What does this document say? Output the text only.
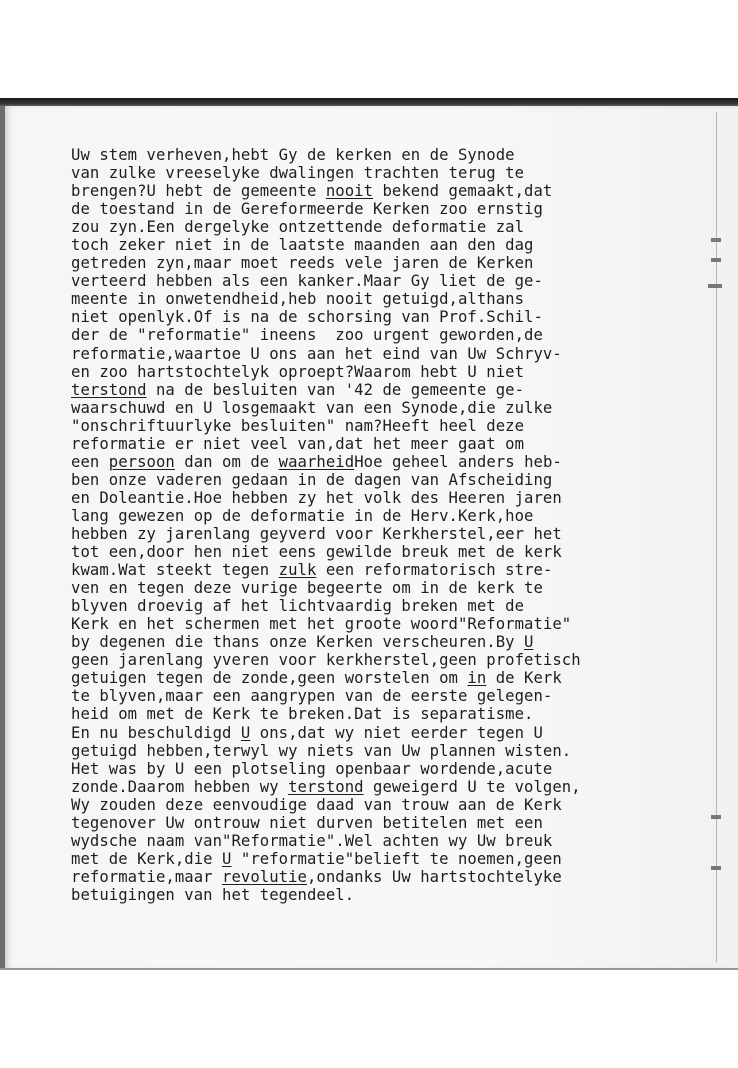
Uw stem verheven,hebt Gy de kerken en de Synode
van zulke vreeselyke dwalingen trachten terug te
brengen?U hebt de gemeente nooit bekend gemaakt,dat
de toestand in de Gereformeerde Kerken zoo ernstig
zou zyn.Een dergelyke ontzettende deformatie zal
toch zeker niet in de laatste maanden aan den dag
getreden zyn,maar moet reeds vele jaren de Kerken
verteerd hebben als een kanker.Maar Gy liet de ge-
meente in onwetendheid,heb nooit getuigd,althans
niet openlyk.Of is na de schorsing van Prof.Schil-
der de "reformatie" ineens  zoo urgent geworden,de
reformatie,waartoe U ons aan het eind van Uw Schryv-
en zoo hartstochtelyk oproept?Waarom hebt U niet
terstond na de besluiten van '42 de gemeente ge-
waarschuwd en U losgemaakt van een Synode,die zulke
"onschriftuurlyke besluiten" nam?Heeft heel deze
reformatie er niet veel van,dat het meer gaat om
een persoon dan om de waarheidHoe geheel anders heb-
ben onze vaderen gedaan in de dagen van Afscheiding
en Doleantie.Hoe hebben zy het volk des Heeren jaren
lang gewezen op de deformatie in de Herv.Kerk,hoe
hebben zy jarenlang geyverd voor Kerkherstel,eer het
tot een,door hen niet eens gewilde breuk met de kerk
kwam.Wat steekt tegen zulk een reformatorisch stre-
ven en tegen deze vurige begeerte om in de kerk te
blyven droevig af het lichtvaardig breken met de
Kerk en het schermen met het groote woord"Reformatie"
by degenen die thans onze Kerken verscheuren.By U
geen jarenlang yveren voor kerkherstel,geen profetisch
getuigen tegen de zonde,geen worstelen om in de Kerk
te blyven,maar een aangrypen van de eerste gelegen-
heid om met de Kerk te breken.Dat is separatisme.
En nu beschuldigd U ons,dat wy niet eerder tegen U
getuigd hebben,terwyl wy niets van Uw plannen wisten.
Het was by U een plotseling openbaar wordende,acute
zonde.Daarom hebben wy terstond geweigerd U te volgen,
Wy zouden deze eenvoudige daad van trouw aan de Kerk
tegenover Uw ontrouw niet durven betitelen met een
wydsche naam van"Reformatie".Wel achten wy Uw breuk
met de Kerk,die U "reformatie"belieft te noemen,geen
reformatie,maar revolutie,ondanks Uw hartstochtelyke
betuigingen van het tegendeel.
